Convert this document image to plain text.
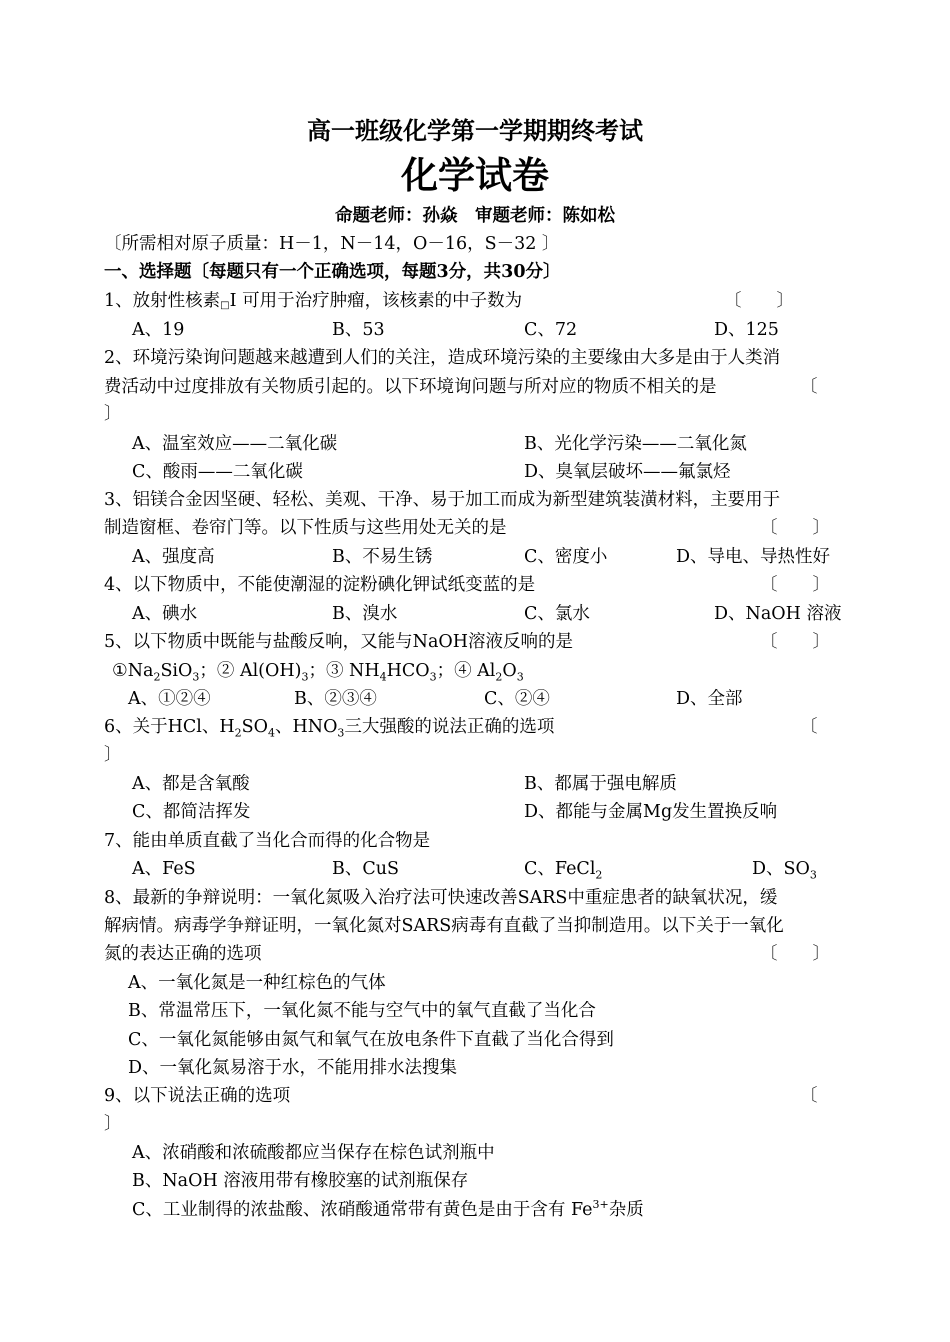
高一班级化学第一学期期终考试
化学试卷
命题老师：孙焱　审题老师：陈如松
〔所需相对原子质量：H－1，N－14，O－16，S－32 〕
一、选择题〔每题只有一个正确选项，每题3分，共30分〕
1、放射性核素□I 可用于治疗肿瘤，该核素的中子数为	〔　　〕
A、19	B、53	C、72	D、125
2、环境污染询问题越来越遭到人们的关注，造成环境污染的主要缘由大多是由于人类消
费活动中过度排放有关物质引起的。以下环境询问题与所对应的物质不相关的是	〔
〕
A、温室效应——二氧化碳	B、光化学污染——二氧化氮
C、酸雨——二氧化碳	D、臭氧层破坏——氟氯烃
3、铝镁合金因坚硬、轻松、美观、干净、易于加工而成为新型建筑装潢材料，主要用于
制造窗框、卷帘门等。以下性质与这些用处无关的是	〔　　〕
A、强度高	B、不易生锈	C、密度小	D、导电、导热性好
4、以下物质中，不能使潮湿的淀粉碘化钾试纸变蓝的是	〔　　〕
A、碘水	B、溴水	C、氯水	D、NaOH 溶液
5、以下物质中既能与盐酸反响，又能与NaOH溶液反响的是	〔　　〕
$①Na_2SiO_3$；② $Al(OH)_3$；③ $NH_4HCO_3$；④ $Al_2O_3$
A、①②④	B、②③④	C、②④	D、全部
6、关于HCl、$H_2SO_4$、$HNO_3$三大强酸的说法正确的选项	〔
〕
A、都是含氧酸	B、都属于强电解质
C、都简洁挥发	D、都能与金属Mg发生置换反响
7、能由单质直截了当化合而得的化合物是
A、FeS	B、CuS	C、FeCl$_2$	D、$SO_3$
8、最新的争辩说明：一氧化氮吸入治疗法可快速改善SARS中重症患者的缺氧状况，缓
解病情。病毒学争辩证明，一氧化氮对SARS病毒有直截了当抑制造用。以下关于一氧化
氮的表达正确的选项	〔　　〕
A、一氧化氮是一种红棕色的气体
B、常温常压下，一氧化氮不能与空气中的氧气直截了当化合
C、一氧化氮能够由氮气和氧气在放电条件下直截了当化合得到
D、一氧化氮易溶于水，不能用排水法搜集
9、以下说法正确的选项	〔
〕
A、浓硝酸和浓硫酸都应当保存在棕色试剂瓶中
B、NaOH 溶液用带有橡胶塞的试剂瓶保存
C、工业制得的浓盐酸、浓硝酸通常带有黄色是由于含有 $Fe^{3+}$杂质
